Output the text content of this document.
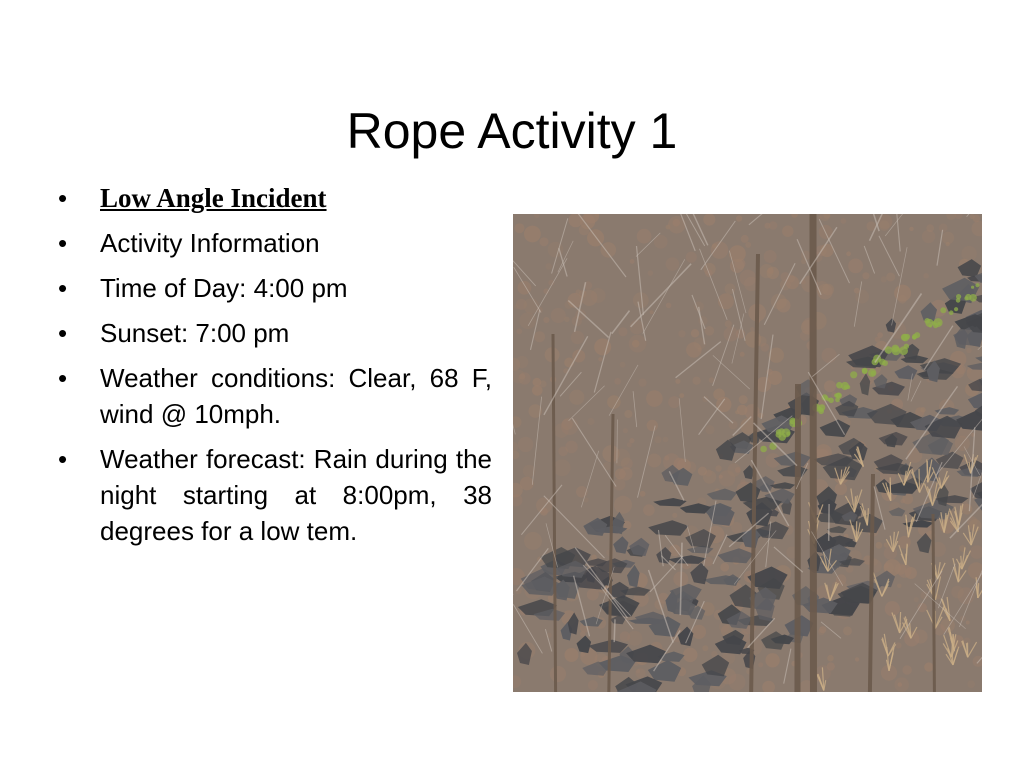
Rope Activity 1
•	Low Angle Incident
•	Activity Information
•	Time of Day: 4:00 pm
•	Sunset: 7:00 pm
•	Weather conditions: Clear, 68 F, wind @ 10mph.
•	Weather forecast: Rain during the night starting at 8:00pm, 38 degrees for a low tem.
